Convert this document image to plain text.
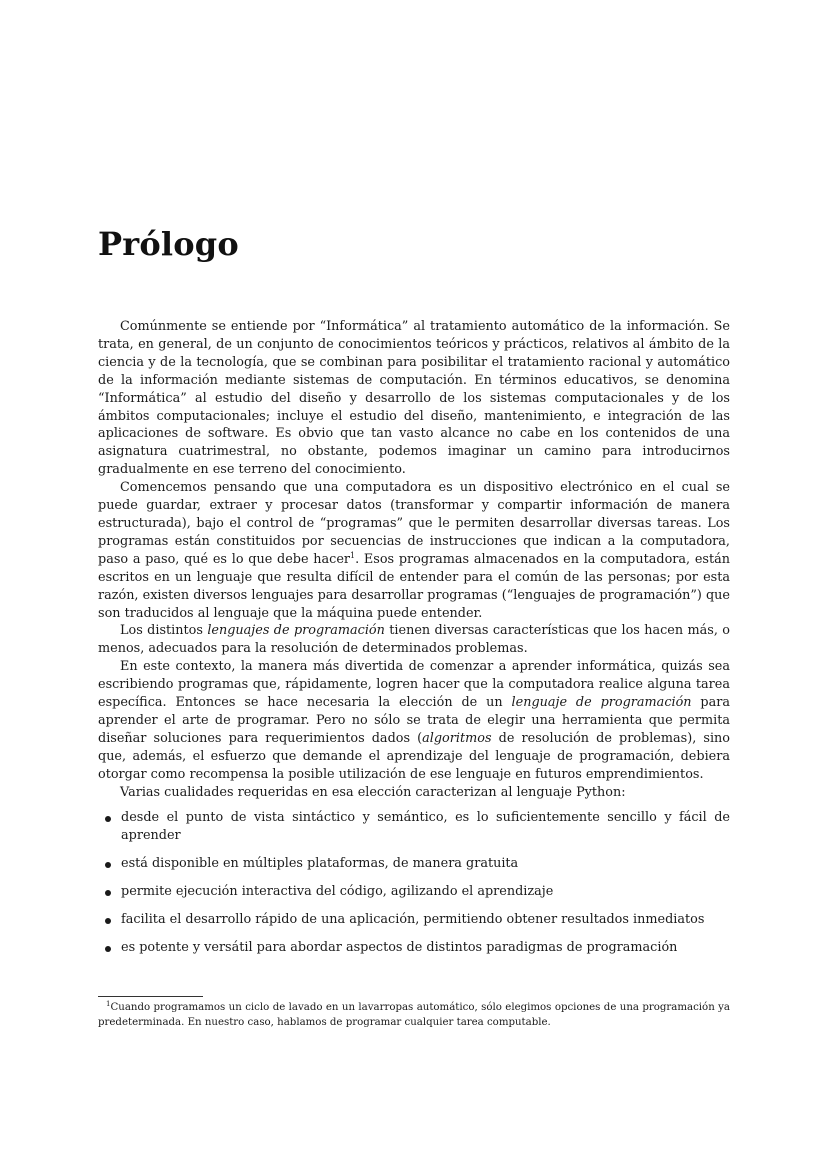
Prólogo

Comúnmente se entiende por “Informática” al tratamiento automático de la información. Se trata, en general, de un conjunto de conocimientos teóricos y prácticos, relativos al ámbito de la ciencia y de la tecnología, que se combinan para posibilitar el tratamiento racional y automático de la información mediante sistemas de computación. En términos educativos, se denomina “Informática” al estudio del diseño y desarrollo de los sistemas computacionales y de los ámbitos computacionales; incluye el estudio del diseño, mantenimiento, e integración de las aplicaciones de software. Es obvio que tan vasto alcance no cabe en los contenidos de una asignatura cuatrimestral, no obstante, podemos imaginar un camino para introducirnos gradualmente en ese terreno del conocimiento.

Comencemos pensando que una computadora es un dispositivo electrónico en el cual se puede guardar, extraer y procesar datos (transformar y compartir información de manera estructurada), bajo el control de “programas” que le permiten desarrollar diversas tareas. Los programas están constituidos por secuencias de instrucciones que indican a la computadora, paso a paso, qué es lo que debe hacer$^1$. Esos programas almacenados en la computadora, están escritos en un lenguaje que resulta difícil de entender para el común de las personas; por esta razón, existen diversos lenguajes para desarrollar programas (“lenguajes de programación”) que son traducidos al lenguaje que la máquina puede entender.

Los distintos lenguajes de programación tienen diversas características que los hacen más, o menos, adecuados para la resolución de determinados problemas.

En este contexto, la manera más divertida de comenzar a aprender informática, quizás sea escribiendo programas que, rápidamente, logren hacer que la computadora realice alguna tarea específica. Entonces se hace necesaria la elección de un lenguaje de programación para aprender el arte de programar. Pero no sólo se trata de elegir una herramienta que permita diseñar soluciones para requerimientos dados (algoritmos de resolución de problemas), sino que, además, el esfuerzo que demande el aprendizaje del lenguaje de programación, debiera otorgar como recompensa la posible utilización de ese lenguaje en futuros emprendimientos.

Varias cualidades requeridas en esa elección caracterizan al lenguaje Python:

desde el punto de vista sintáctico y semántico, es lo suficientemente sencillo y fácil de aprender
está disponible en múltiples plataformas, de manera gratuita
permite ejecución interactiva del código, agilizando el aprendizaje
facilita el desarrollo rápido de una aplicación, permitiendo obtener resultados inmediatos
es potente y versátil para abordar aspectos de distintos paradigmas de programación
$^1$Cuando programamos un ciclo de lavado en un lavarropas automático, sólo elegimos opciones de una programación ya predeterminada. En nuestro caso, hablamos de programar cualquier tarea computable.
